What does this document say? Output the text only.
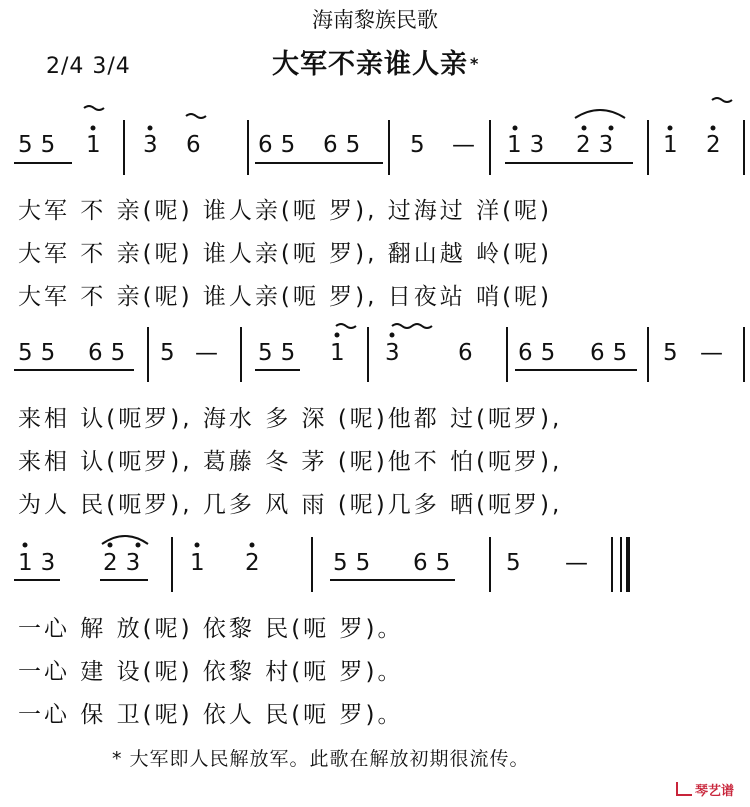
海南黎族民歌
大军不亲谁人亲 *
2/4 3/4
55 1 3 6 65 65 5 — 13 23 1 2
大军 不 亲(呢) 谁人亲(呃 罗), 过海过 洋(呢)
大军 不 亲(呢) 谁人亲(呃 罗), 翻山越 岭(呢)
大军 不 亲(呢) 谁人亲(呃 罗), 日夜站 哨(呢)
55 65 5 — 55 1 3 6 65 65 5 —
来相 认(呃罗), 海水 多 深 (呢)他都 过(呃罗),
来相 认(呃罗), 葛藤 冬 茅 (呢)他不 怕(呃罗),
为人 民(呃罗), 几多 风 雨 (呢)几多 晒(呃罗),
13 23 1 2	55 65 5 —
一心 解 放(呢) 依黎 民(呃 罗)。
一心 建 设(呢) 依黎 村(呃 罗)。
一心 保 卫(呢) 依人 民(呃 罗)。
* 大军即人民解放军。此歌在解放初期很流传。
琴艺谱
